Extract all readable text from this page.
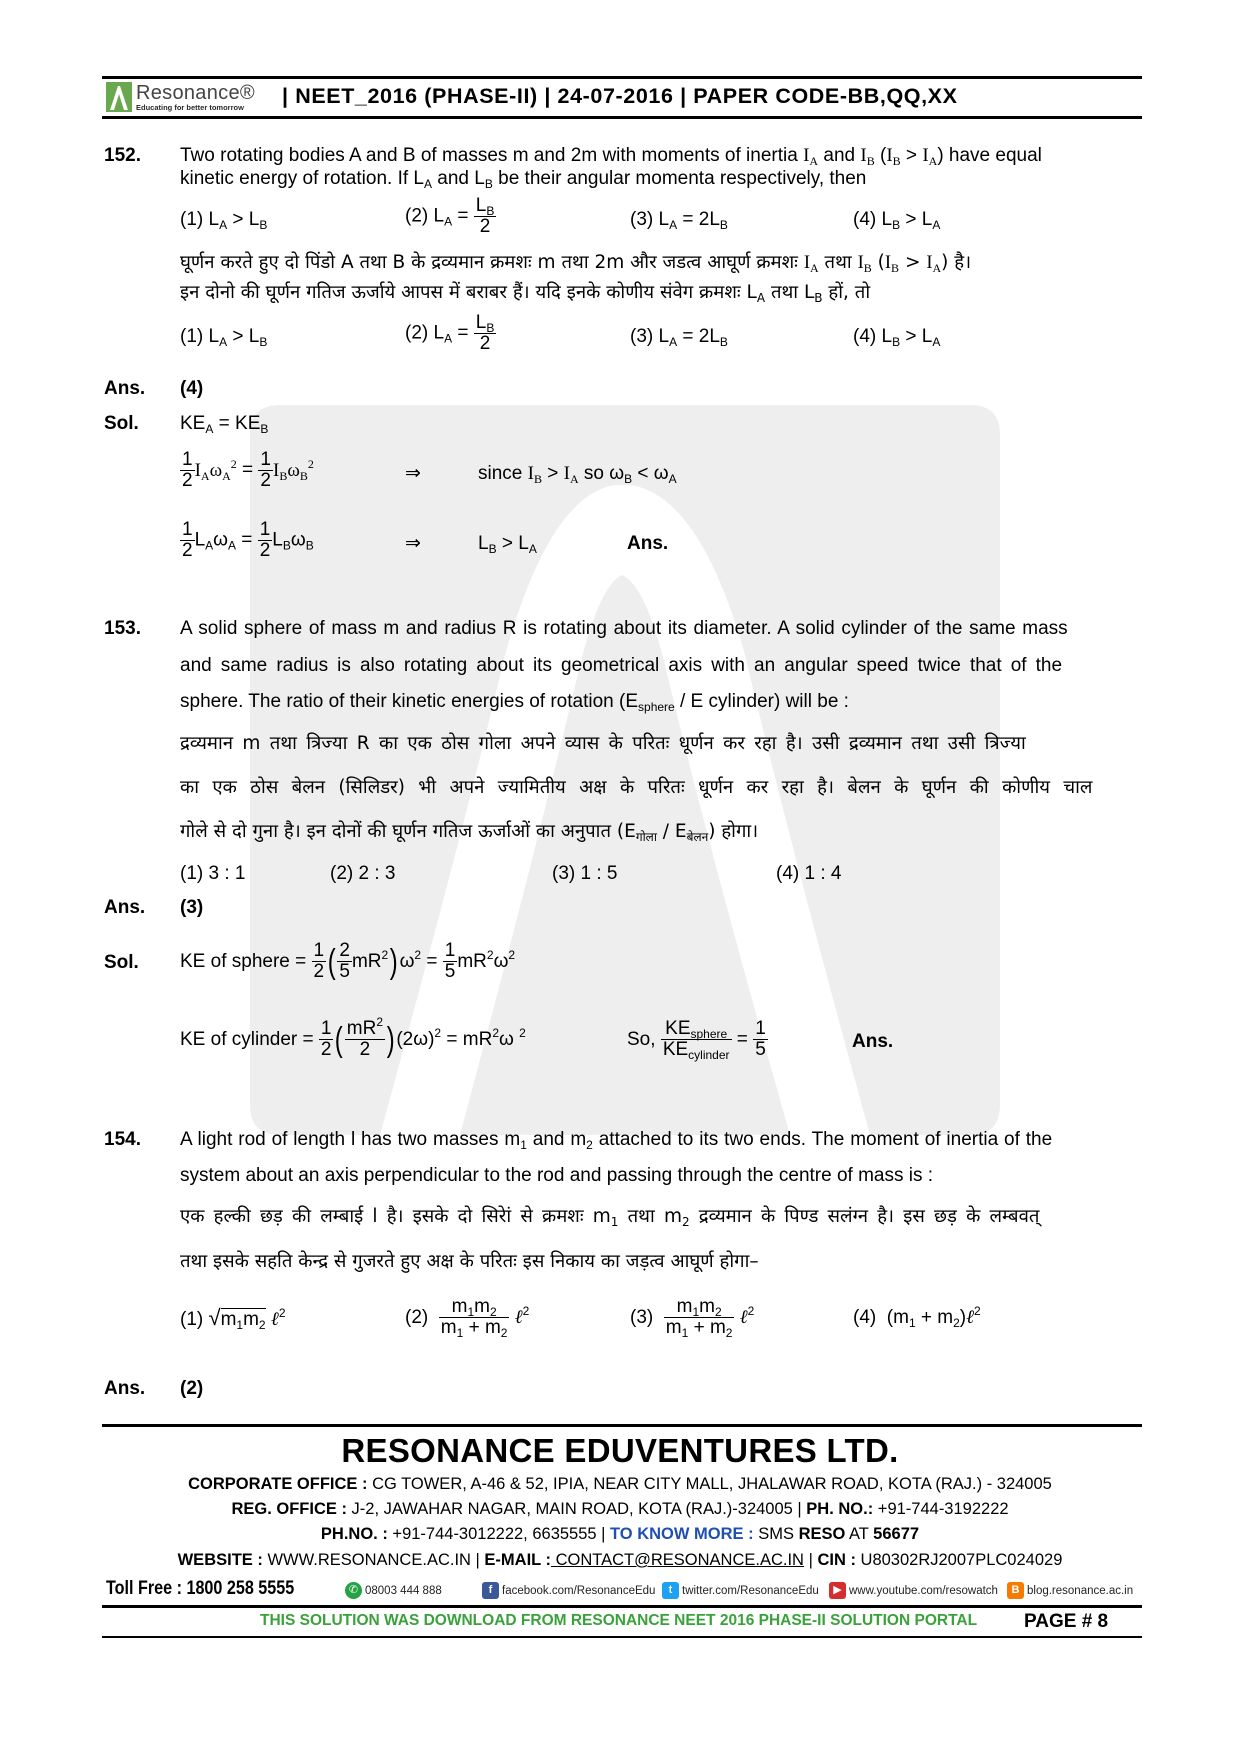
Resonance®
Educating for better tomorrow | NEET_2016 (PHASE-II) | 24-07-2016 | PAPER CODE-BB,QQ,XX
152. Two rotating bodies A and B of masses m and 2m with moments of inertia $I_A$ and $I_B$ $(I_B > I_A)$ have equal
kinetic energy of rotation. If $L_A$ and $L_B$ be their angular momenta respectively, then
(1) $L_A > L_B$	(2) $L_A = \frac{L_B}{2}$	(3) $L_A = 2L_B$	(4) $L_B > L_A$
घूर्णन करते हुए दो पिंडो A तथा B के द्रव्यमान क्रमशः m तथा 2m और जडत्व आघूर्ण क्रमशः $I_A$ तथा $I_B$ $(I_B > I_A)$ है।
इन दोनो की घूर्णन गतिज ऊर्जाये आपस में बराबर हैं। यदि इनके कोणीय संवेग क्रमशः $L_A$ तथा $L_B$ हों, तो
(1) $L_A > L_B$	(2) $L_A = \frac{L_B}{2}$	(3) $L_A = 2L_B$	(4) $L_B > L_A$
Ans. (4)
Sol. $KE_A = KE_B$
$\frac{1}{2} I_A\omega_A^2 = \frac{1}{2} I_B\omega_B^2$	⇒	since $I_B > I_A$ so $\omega_B < \omega_A$
$\frac{1}{2} L_A\omega_A = \frac{1}{2} L_B\omega_B$	⇒	$L_B > L_A$	Ans.
153. A solid sphere of mass m and radius R is rotating about its diameter. A solid cylinder of the same mass
and same radius is also rotating about its geometrical axis with an angular speed twice that of the
sphere. The ratio of their kinetic energies of rotation ($E_{sphere}$ / E cylinder) will be :
द्रव्यमान m तथा त्रिज्या R का एक ठोस गोला अपने व्यास के परितः धूर्णन कर रहा है। उसी द्रव्यमान तथा उसी त्रिज्या
का एक ठोस बेलन (सिलिडर) भी अपने ज्यामितीय अक्ष के परितः धूर्णन कर रहा है। बेलन के घूर्णन की कोणीय चाल
गोले से दो गुना है। इन दोनों की घूर्णन गतिज ऊर्जाओं का अनुपात $(E_{गोला} / E_{बेलन})$ होगा।
(1) 3 : 1	(2) 2 : 3	(3) 1 : 5	(4) 1 : 4
Ans. (3)
Sol. KE of sphere = $\frac{1}{2}$ ( $\frac{2}{5} mR^2)\omega^2 = \frac{1}{5} mR^2\omega^2$
KE of cylinder = $\frac{1}{2}$ ( $\frac{mR^2}{2} )(2\omega)^2 = mR^2\omega$ $^2$	So, $\frac{KE_{sphere}}{KE_{cylinder}} = \frac{1}{5}$	Ans.
154. A light rod of length l has two masses $m_1$ and $m_2$ attached to its two ends. The moment of inertia of the
system about an axis perpendicular to the rod and passing through the centre of mass is :
एक हल्की छड़ की लम्बाई l है। इसके दो सिरेां से क्रमशः $m_1$ तथा $m_2$ द्रव्यमान के पिण्ड सलंग्न है। इस छड़ के लम्बवत्
तथा इसके सहति केन्द्र से गुजरते हुए अक्ष के परितः इस निकाय का जड़त्व आघूर्ण होगा–
(1) $√m_1m_2$ ℓ$^2$	$(2) \frac{m_1m_2}{m_1 + m_2}$ ℓ$^2$	$(3) \frac{m_1m_2}{m_1 + m_2}$ ℓ$^2$	(4)  ($m_1$ + $m_2)\ell^2$
Ans. (2)
RESONANCE EDUVENTURES LTD.
CORPORATE OFFICE : CG TOWER, A-46 & 52, IPIA, NEAR CITY MALL, JHALAWAR ROAD, KOTA (RAJ.) - 324005
REG. OFFICE : J-2, JAWAHAR NAGAR, MAIN ROAD, KOTA (RAJ.)-324005 | PH. NO.: +91-744-3192222
PH.NO. : +91-744-3012222, 6635555 | TO KNOW MORE : SMS RESO AT 56677
WEBSITE : WWW.RESONANCE.AC.IN | E-MAIL : CONTACT@RESONANCE.AC.IN | CIN : U80302RJ2007PLC024029
Toll Free : 1800 258 5555	✆ 08003 444 888	f facebook.com/ResonanceEdu	t twitter.com/ResonanceEdu	▶ www.youtube.com/resowatch	B blog.resonance.ac.in
THIS SOLUTION WAS DOWNLOAD FROM RESONANCE NEET 2016 PHASE-II SOLUTION PORTAL PAGE # 8
